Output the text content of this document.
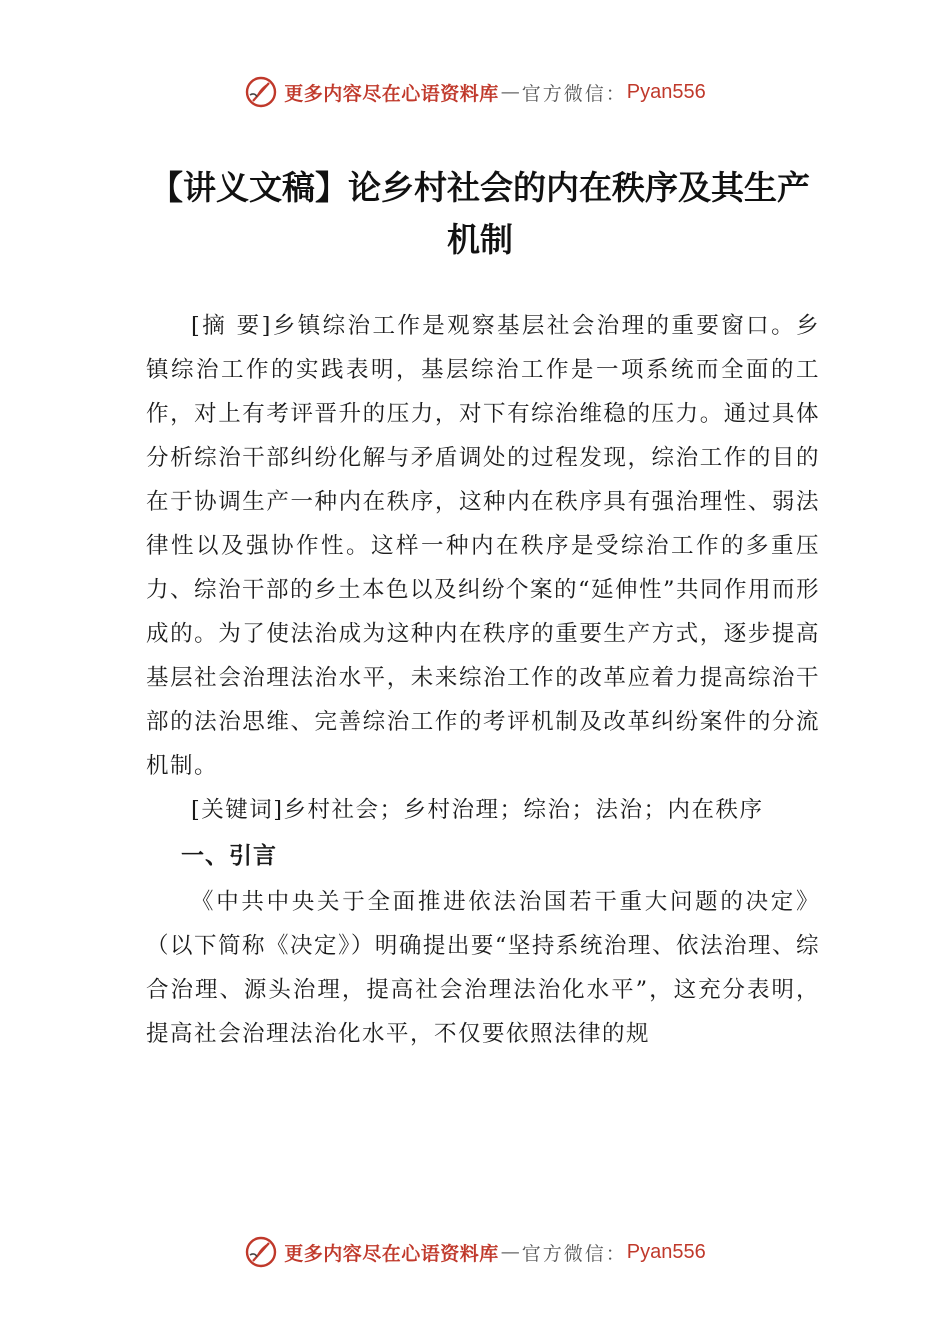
更多内容尽在心语资料库 — 官方微信： Pyan556
【讲义文稿】论乡村社会的内在秩序及其生产机制

[摘 要]乡镇综治工作是观察基层社会治理的重要窗口。乡镇综治工作的实践表明，基层综治工作是一项系统而全面的工作，对上有考评晋升的压力，对下有综治维稳的压力。通过具体分析综治干部纠纷化解与矛盾调处的过程发现，综治工作的目的在于协调生产一种内在秩序，这种内在秩序具有强治理性、弱法律性以及强协作性。这样一种内在秩序是受综治工作的多重压力、综治干部的乡土本色以及纠纷个案的“延伸性”共同作用而形成的。为了使法治成为这种内在秩序的重要生产方式，逐步提高基层社会治理法治水平，未来综治工作的改革应着力提高综治干部的法治思维、完善综治工作的考评机制及改革纠纷案件的分流机制。

[关键词]乡村社会；乡村治理；综治；法治；内在秩序

一、引言

《中共中央关于全面推进依法治国若干重大问题的决定》（以下简称《决定》）明确提出要“坚持系统治理、依法治理、综合治理、源头治理，提高社会治理法治化水平”，这充分表明，提高社会治理法治化水平，不仅要依照法律的规

更多内容尽在心语资料库 — 官方微信： Pyan556
